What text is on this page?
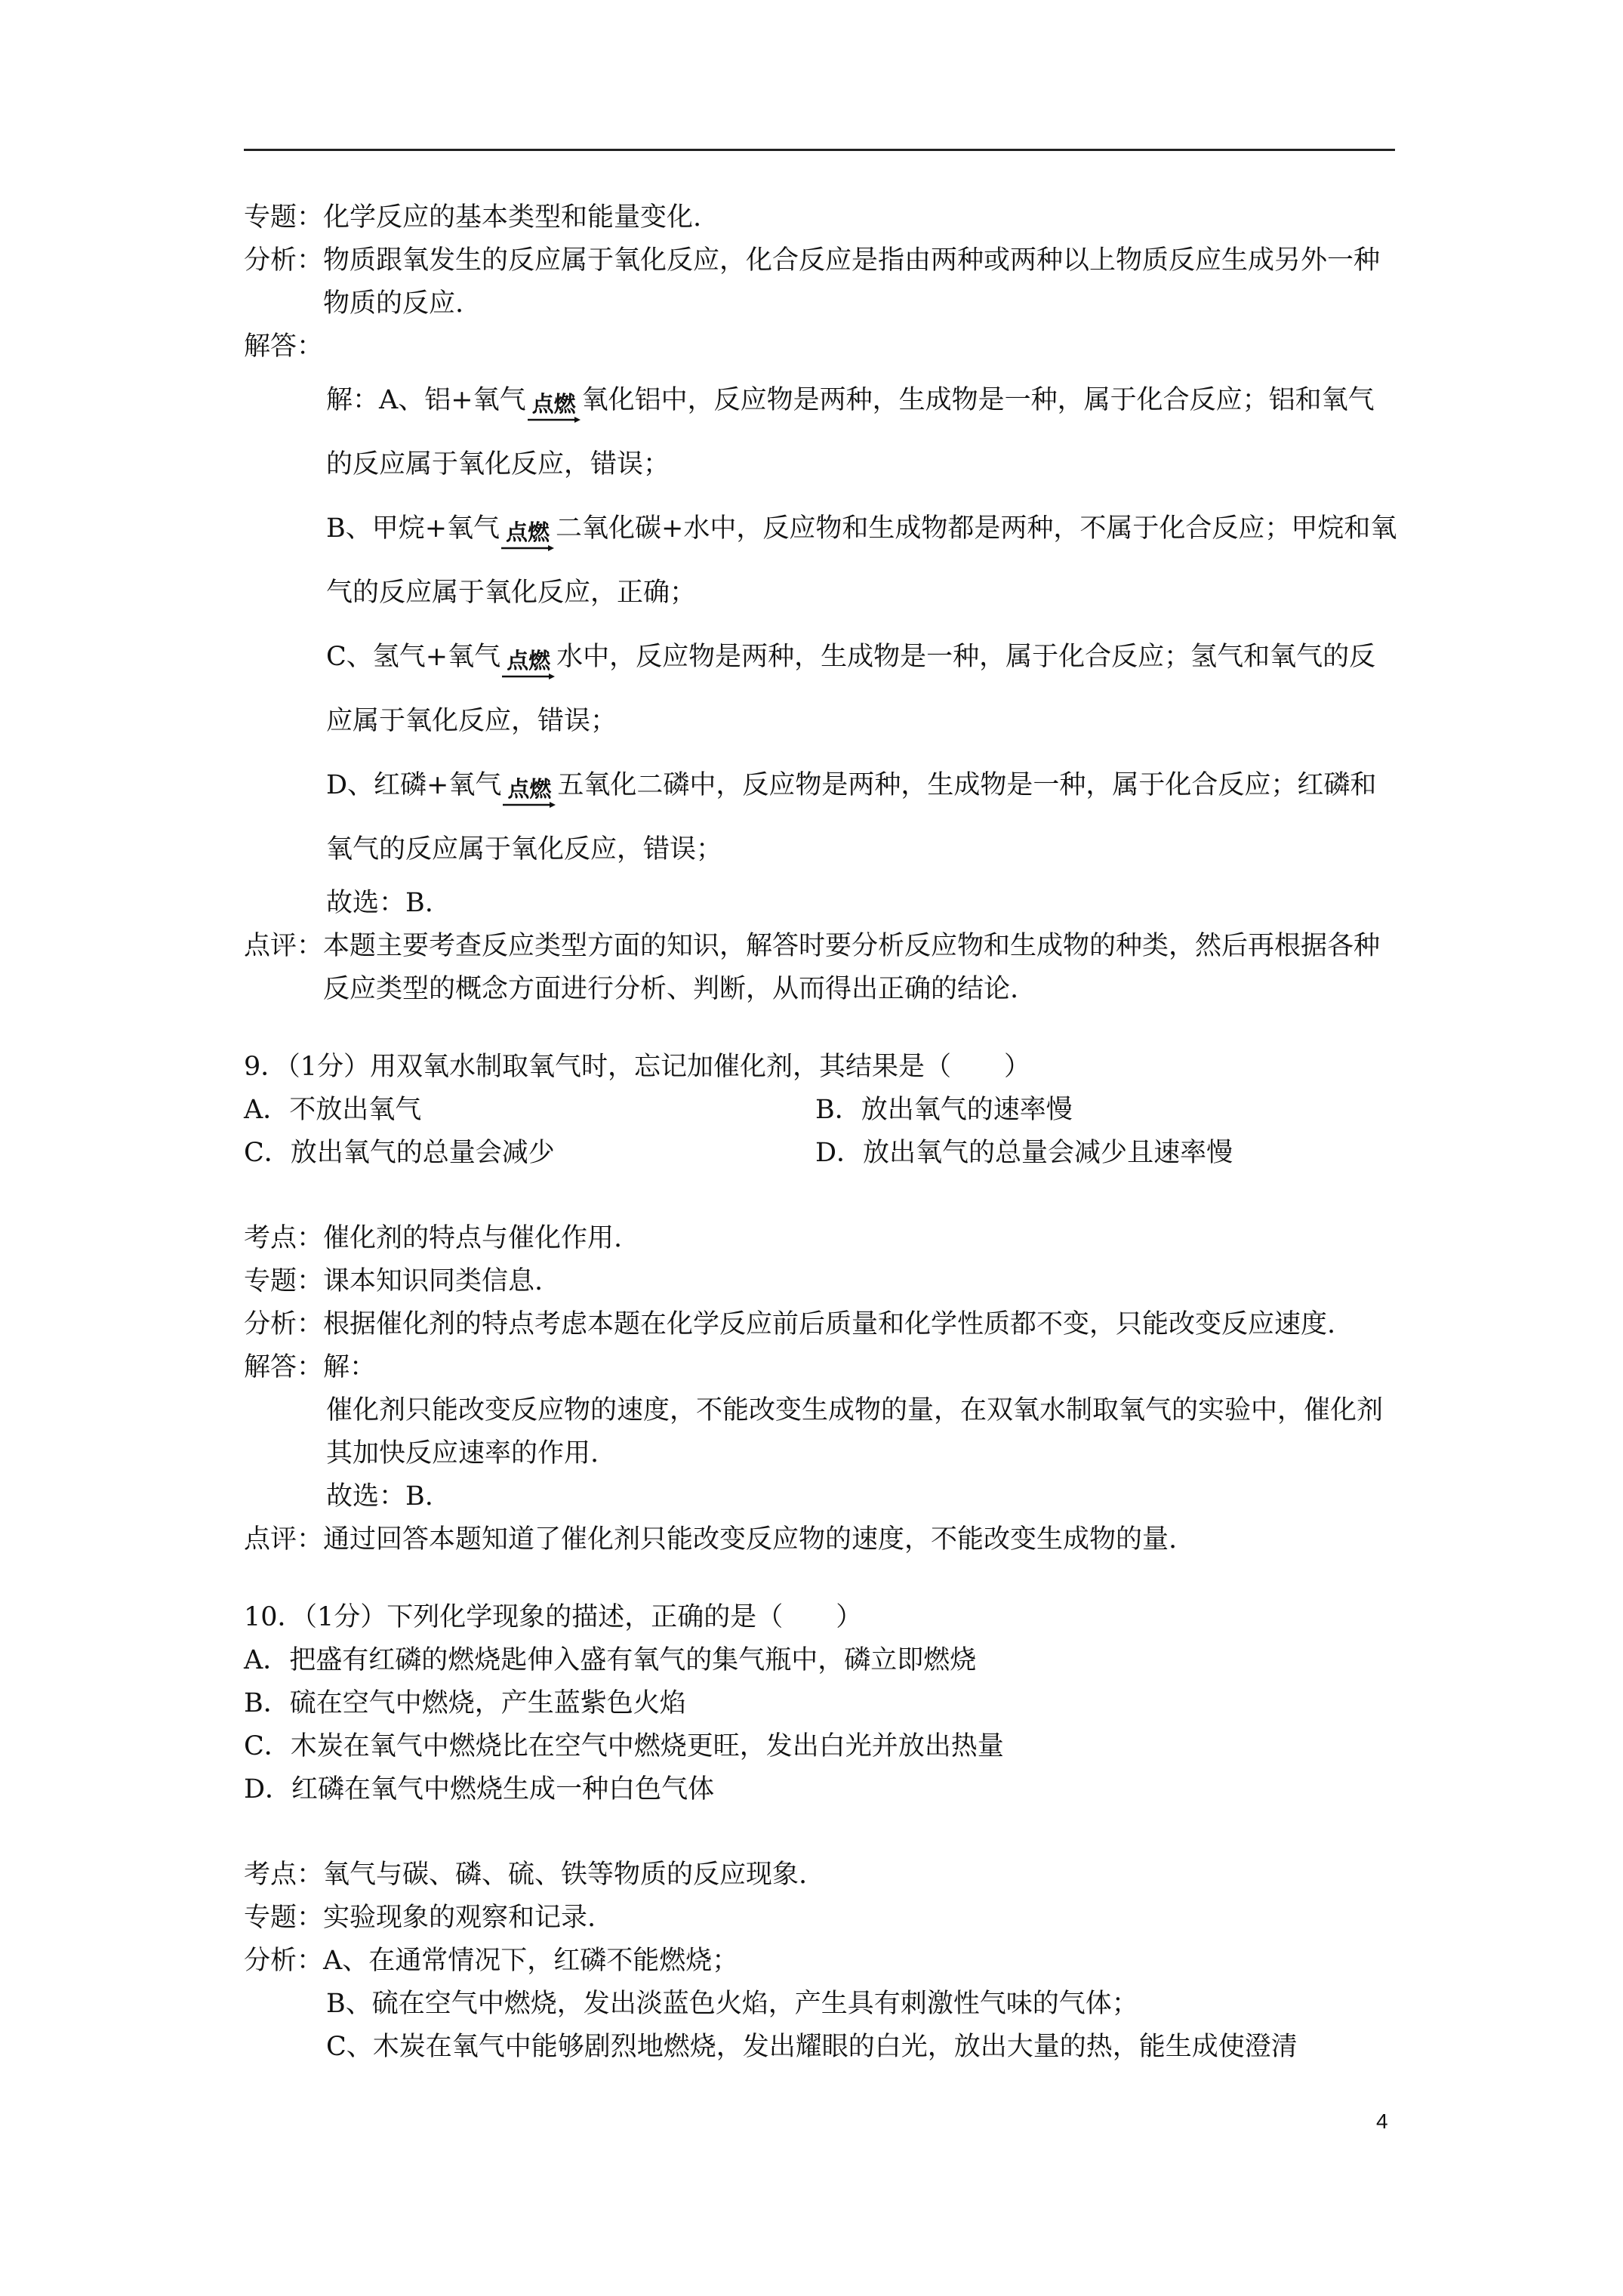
专题： 化学反应的基本类型和能量变化.
分析： 物质跟氧发生的反应属于氧化反应，化合反应是指由两种或两种以上物质反应生成另外一种物质的反应.
解答：
解：A、铝+氧气 点燃 氧化铝中，反应物是两种，生成物是一种，属于化合反应；铝和氧气的反应属于氧化反应，错误；
B、甲烷+氧气 点燃 二氧化碳+水中，反应物和生成物都是两种，不属于化合反应；甲烷和氧气的反应属于氧化反应，正确；
C、氢气+氧气 点燃 水中，反应物是两种，生成物是一种，属于化合反应；氢气和氧气的反应属于氧化反应，错误；
D、红磷+氧气 点燃 五氧化二磷中，反应物是两种，生成物是一种，属于化合反应；红磷和氧气的反应属于氧化反应，错误；
故选：B.
点评： 本题主要考查反应类型方面的知识，解答时要分析反应物和生成物的种类，然后再根据各种反应类型的概念方面进行分析、判断，从而得出正确的结论.
9．（1分）用双氧水制取氧气时，忘记加催化剂，其结果是（　　）
A．不放出氧气	B．放出氧气的速率慢
C．放出氧气的总量会减少	D．放出氧气的总量会减少且速率慢
考点： 催化剂的特点与催化作用.
专题： 课本知识同类信息.
分析： 根据催化剂的特点考虑本题在化学反应前后质量和化学性质都不变，只能改变反应速度.
解答： 解：
催化剂只能改变反应物的速度，不能改变生成物的量，在双氧水制取氧气的实验中，催化剂其加快反应速率的作用.
故选：B.
点评： 通过回答本题知道了催化剂只能改变反应物的速度，不能改变生成物的量.
10．（1分）下列化学现象的描述，正确的是（　　）
A．把盛有红磷的燃烧匙伸入盛有氧气的集气瓶中，磷立即燃烧
B．硫在空气中燃烧，产生蓝紫色火焰
C．木炭在氧气中燃烧比在空气中燃烧更旺，发出白光并放出热量
D．红磷在氧气中燃烧生成一种白色气体
考点： 氧气与碳、磷、硫、铁等物质的反应现象.
专题： 实验现象的观察和记录.
分析： A、在通常情况下，红磷不能燃烧；
B、硫在空气中燃烧，发出淡蓝色火焰，产生具有刺激性气味的气体；
C、木炭在氧气中能够剧烈地燃烧，发出耀眼的白光，放出大量的热，能生成使澄清
4
